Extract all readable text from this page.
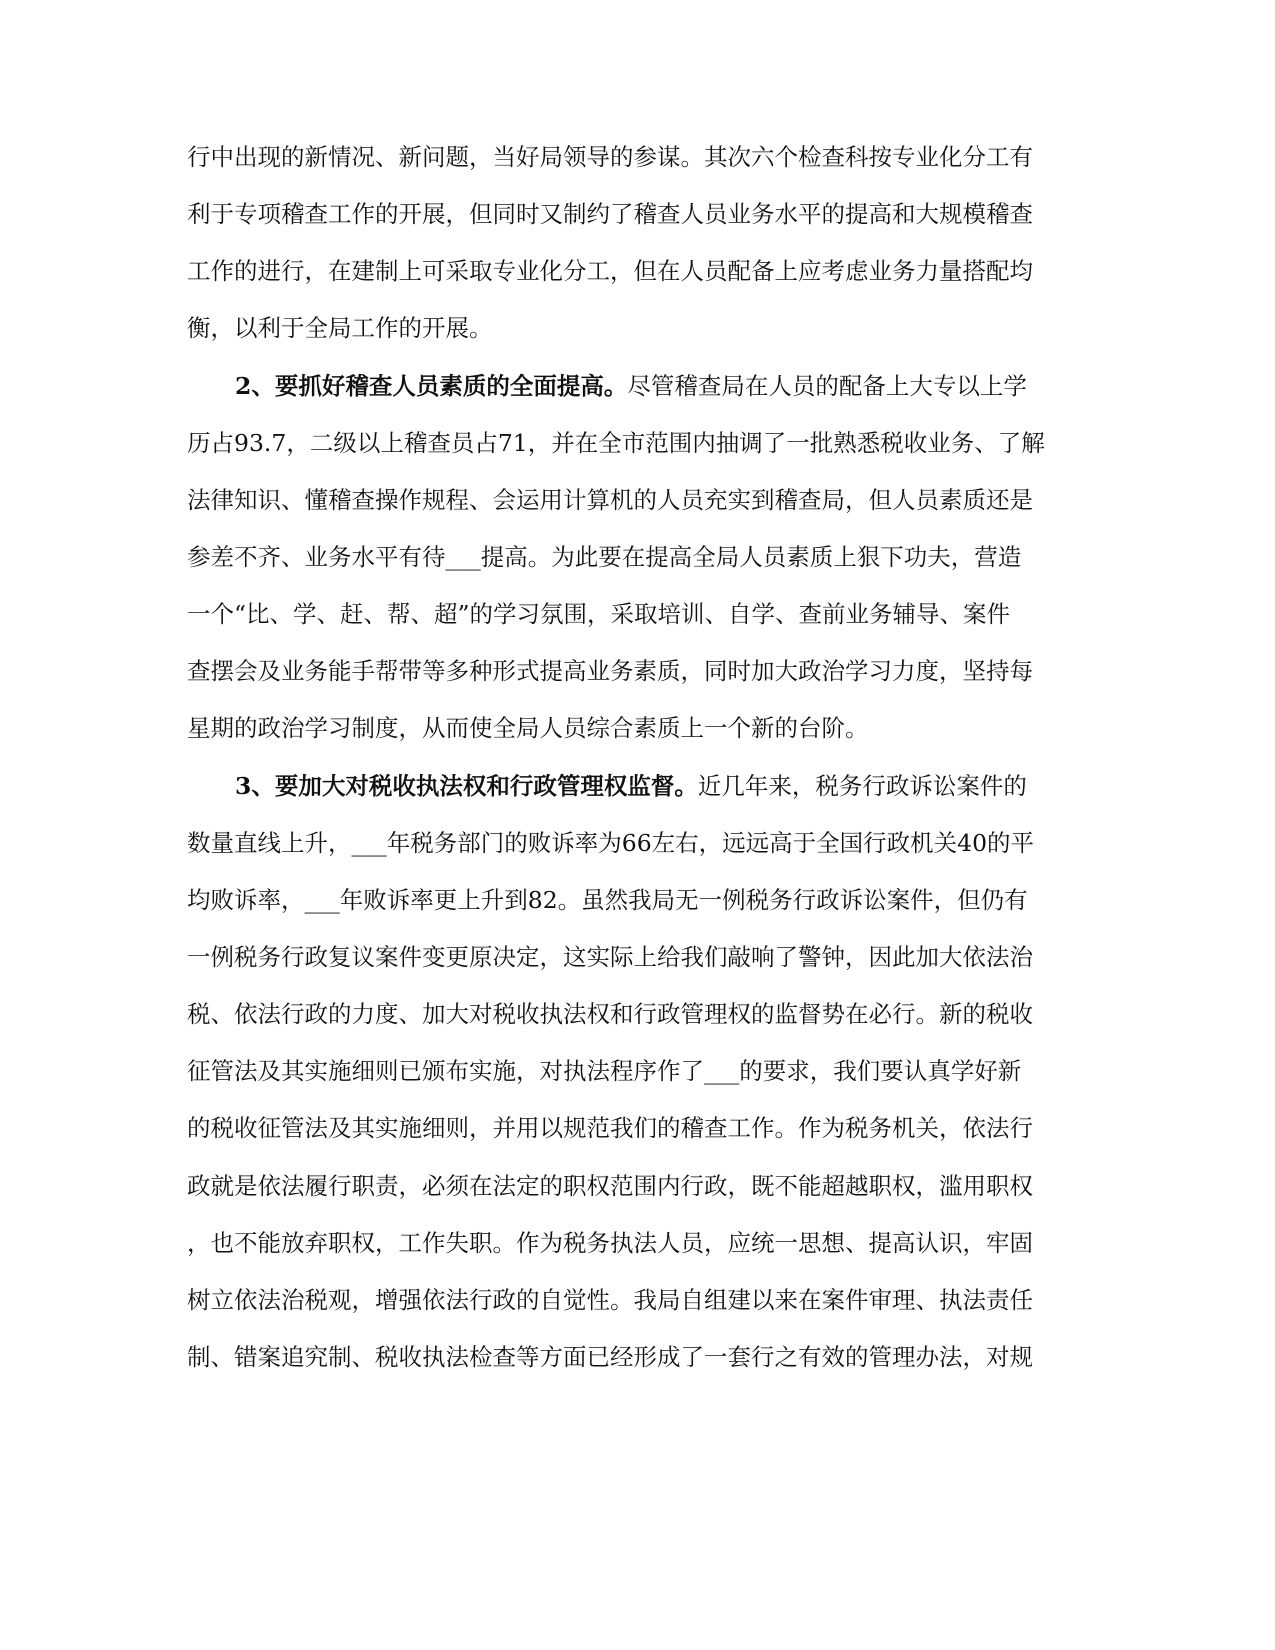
行中出现的新情况、新问题，当好局领导的参谋。其次六个检查科按专业化分工有
利于专项稽查工作的开展，但同时又制约了稽查人员业务水平的提高和大规模稽查
工作的进行，在建制上可采取专业化分工，但在人员配备上应考虑业务力量搭配均
衡，以利于全局工作的开展。
2、要抓好稽查人员素质的全面提高。尽管稽查局在人员的配备上大专以上学
历占93.7，二级以上稽查员占71，并在全市范围内抽调了一批熟悉税收业务、了解
法律知识、懂稽查操作规程、会运用计算机的人员充实到稽查局，但人员素质还是
参差不齐、业务水平有待___提高。为此要在提高全局人员素质上狠下功夫，营造
一个“比、学、赶、帮、超”的学习氛围，采取培训、自学、查前业务辅导、案件
查摆会及业务能手帮带等多种形式提高业务素质，同时加大政治学习力度，坚持每
星期的政治学习制度，从而使全局人员综合素质上一个新的台阶。
3、要加大对税收执法权和行政管理权监督。近几年来，税务行政诉讼案件的
数量直线上升，___年税务部门的败诉率为66左右，远远高于全国行政机关40的平
均败诉率，___年败诉率更上升到82。虽然我局无一例税务行政诉讼案件，但仍有
一例税务行政复议案件变更原决定，这实际上给我们敲响了警钟，因此加大依法治
税、依法行政的力度、加大对税收执法权和行政管理权的监督势在必行。新的税收
征管法及其实施细则已颁布实施，对执法程序作了___的要求，我们要认真学好新
的税收征管法及其实施细则，并用以规范我们的稽查工作。作为税务机关，依法行
政就是依法履行职责，必须在法定的职权范围内行政，既不能超越职权，滥用职权
，也不能放弃职权，工作失职。作为税务执法人员，应统一思想、提高认识，牢固
树立依法治税观，增强依法行政的自觉性。我局自组建以来在案件审理、执法责任
制、错案追究制、税收执法检查等方面已经形成了一套行之有效的管理办法，对规
